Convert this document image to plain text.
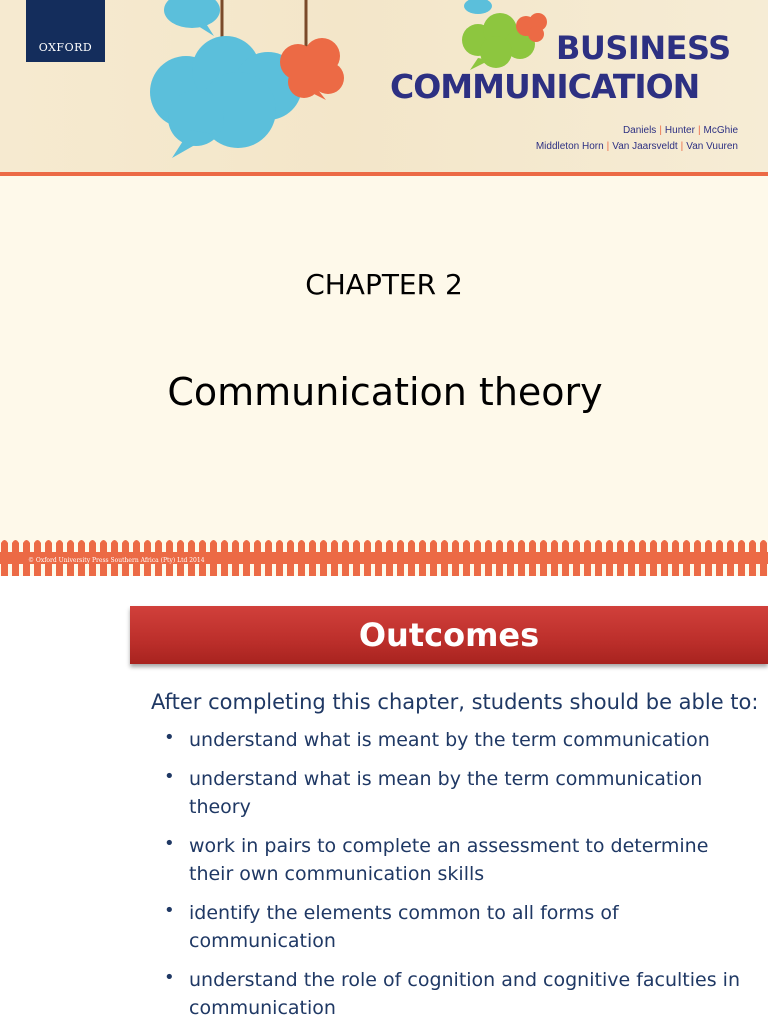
OXFORD	BUSINESS
COMMUNICATION
Daniels | Hunter | McGhie
Middleton Horn | Van Jaarsveldt | Van Vuuren
CHAPTER 2
Communication theory
© Oxford University Press Southern Africa (Pty) Ltd 2014
Outcomes
After completing this chapter, students should be able to:
• understand what is meant by the term communication
• understand what is mean by the term communication theory
• work in pairs to complete an assessment to determine their own communication skills
• identify the elements common to all forms of communication
• understand the role of cognition and cognitive faculties in communication
